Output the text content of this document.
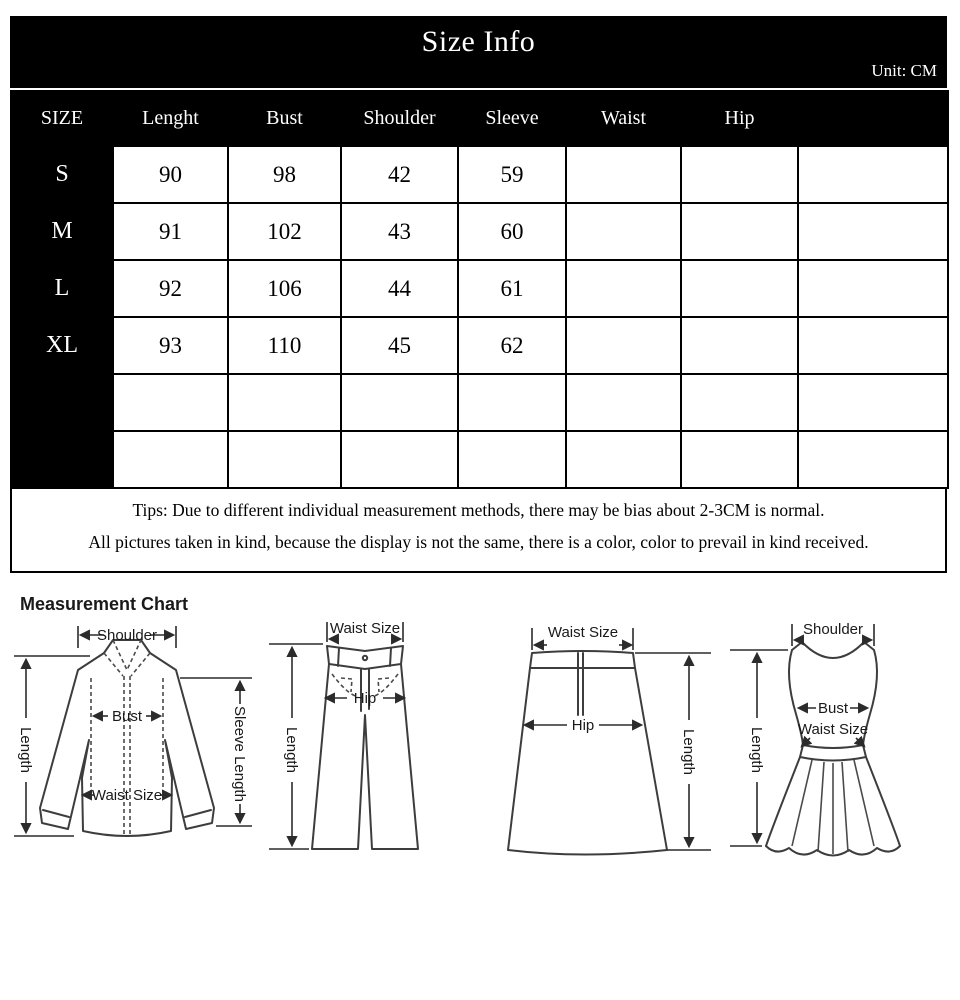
Size Info
Unit: CM
SIZE	Lenght	Bust	Shoulder	Sleeve	Waist	Hip	
S	90	98	42	59			
M	91	102	43	60			
L	92	106	44	61			
XL	93	110	45	62			

Tips: Due to different individual measurement methods, there may be bias about 2-3CM is normal.
All pictures taken in kind, because the display is not the same, there is a color, color to prevail in kind received.
Measurement Chart
Shoulder
Bust
Waist Size
Length	Sleeve Length
Waist Size
Hip
Length
Waist Size
Hip
Length
Shoulder
Bust
Waist Size
Length
